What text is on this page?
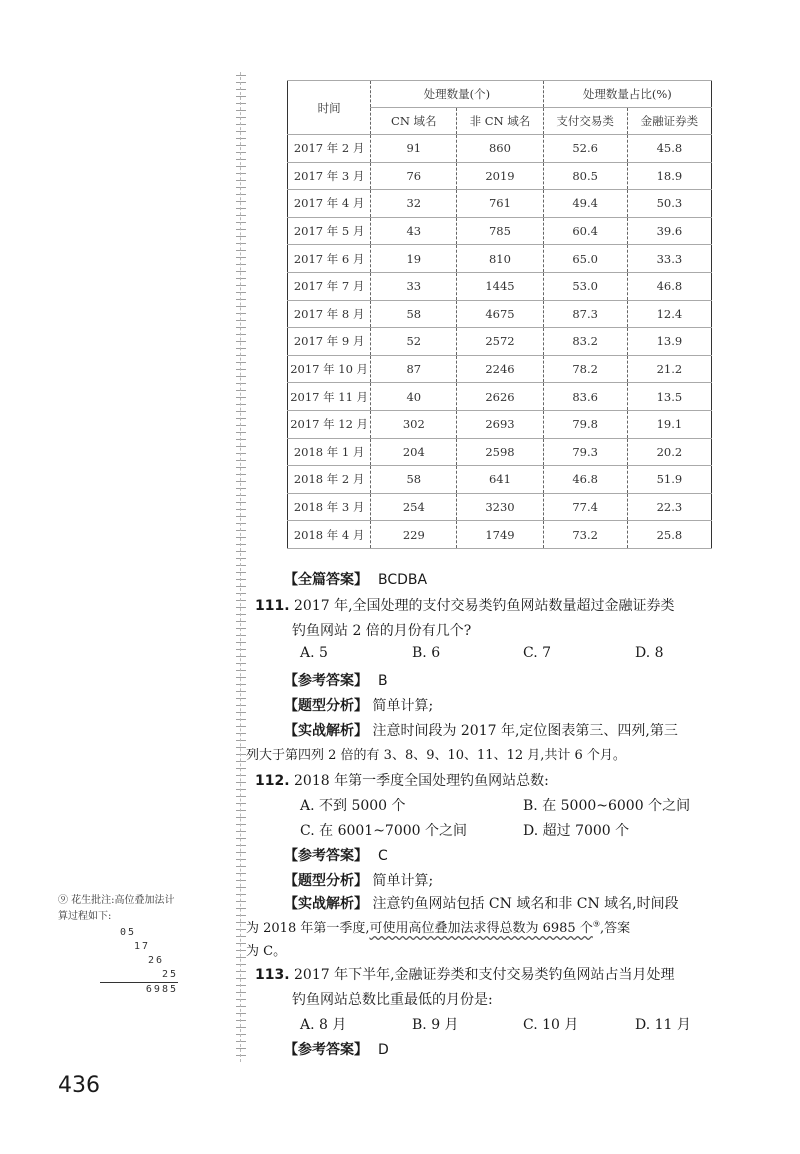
时间	处理数量(个)		处理数量占比(%)	
	CN 域名	非 CN 域名	支付交易类	金融证券类
2017 年 2 月	91	860	52.6	45.8
2017 年 3 月	76	2019	80.5	18.9
2017 年 4 月	32	761	49.4	50.3
2017 年 5 月	43	785	60.4	39.6
2017 年 6 月	19	810	65.0	33.3
2017 年 7 月	33	1445	53.0	46.8
2017 年 8 月	58	4675	87.3	12.4
2017 年 9 月	52	2572	83.2	13.9
2017 年 10 月	87	2246	78.2	21.2
2017 年 11 月	40	2626	83.6	13.5
2017 年 12 月	302	2693	79.8	19.1
2018 年 1 月	204	2598	79.3	20.2
2018 年 2 月	58	641	46.8	51.9
2018 年 3 月	254	3230	77.4	22.3
2018 年 4 月	229	1749	73.2	25.8
【全篇答案】 BCDBA
111. 2017 年,全国处理的支付交易类钓鱼网站数量超过金融证券类
钓鱼网站 2 倍的月份有几个?
A. 5	B. 6	C. 7	D. 8
【参考答案】 B
【题型分析】 简单计算;
【实战解析】 注意时间段为 2017 年,定位图表第三、四列,第三
列大于第四列 2 倍的有 3、8、9、10、11、12 月,共计 6 个月。
112. 2018 年第一季度全国处理钓鱼网站总数:
A. 不到 5000 个	B. 在 5000~6000 个之间
C. 在 6001~7000 个之间	D. 超过 7000 个
【参考答案】 C
【题型分析】 简单计算;
【实战解析】 注意钓鱼网站包括 CN 域名和非 CN 域名,时间段
为 2018 年第一季度,可使用高位叠加法求得总数为 6985 个⑨,答案
为 C。
113. 2017 年下半年,金融证券类和支付交易类钓鱼网站占当月处理
钓鱼网站总数比重最低的月份是:
A. 8 月	B. 9 月	C. 10 月	D. 11 月
【参考答案】 D
⑨ 花生批注:高位叠加法计
算过程如下:
05
17
26
25
6985
436
